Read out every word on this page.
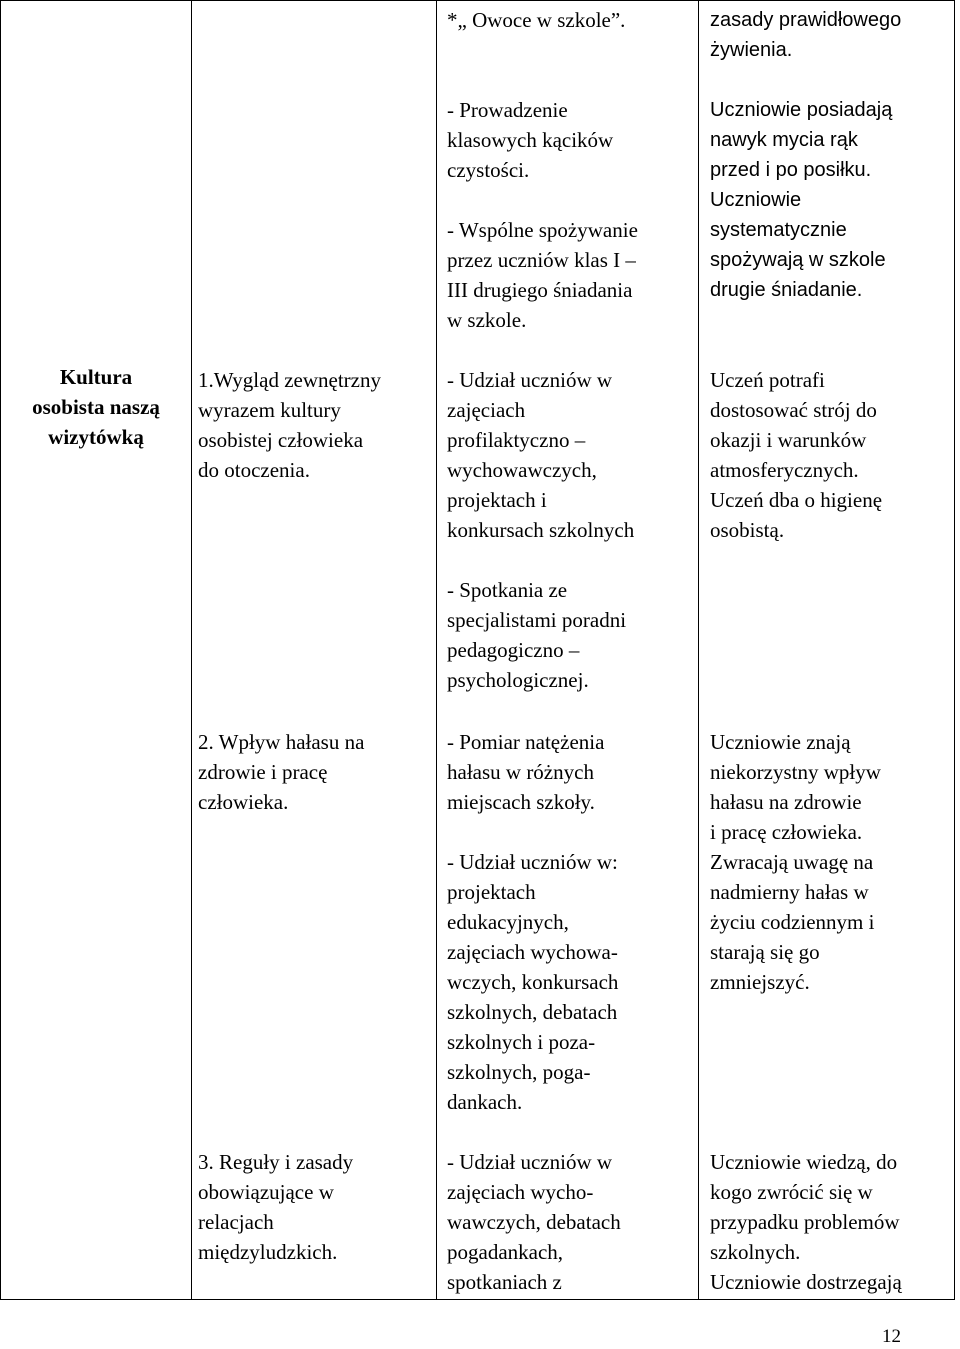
Kultura
osobista naszą
wizytówką
1.Wygląd zewnętrzny
wyrazem kultury
osobistej człowieka
do otoczenia.
2. Wpływ hałasu na
zdrowie i pracę
człowieka.
3. Reguły i zasady
obowiązujące w
relacjach
międzyludzkich.
*„ Owoce w szkole”.
- Prowadzenie
klasowych kącików
czystości.
- Wspólne spożywanie
przez uczniów klas I –
III drugiego śniadania
w szkole.
- Udział uczniów w
zajęciach
profilaktyczno –
wychowawczych,
projektach i
konkursach szkolnych
- Spotkania ze
specjalistami poradni
pedagogiczno –
psychologicznej.
- Pomiar natężenia
hałasu w różnych
miejscach szkoły.
- Udział uczniów w:
projektach
edukacyjnych,
zajęciach wychowa-
wczych, konkursach
szkolnych, debatach
szkolnych i poza-
szkolnych, poga-
dankach.
- Udział uczniów w
zajęciach wycho-
wawczych, debatach
pogadankach,
spotkaniach z
zasady prawidłowego
żywienia.
Uczniowie posiadają
nawyk mycia rąk
przed i po posiłku.
Uczniowie
systematycznie
spożywają w szkole
drugie śniadanie.
Uczeń potrafi
dostosować strój do
okazji i warunków
atmosferycznych.
Uczeń dba o higienę
osobistą.
Uczniowie znają
niekorzystny wpływ
hałasu na zdrowie
i pracę człowieka.
Zwracają uwagę na
nadmierny hałas w
życiu codziennym i
starają się go
zmniejszyć.
Uczniowie wiedzą, do
kogo zwrócić się w
przypadku problemów
szkolnych.
Uczniowie dostrzegają
12
